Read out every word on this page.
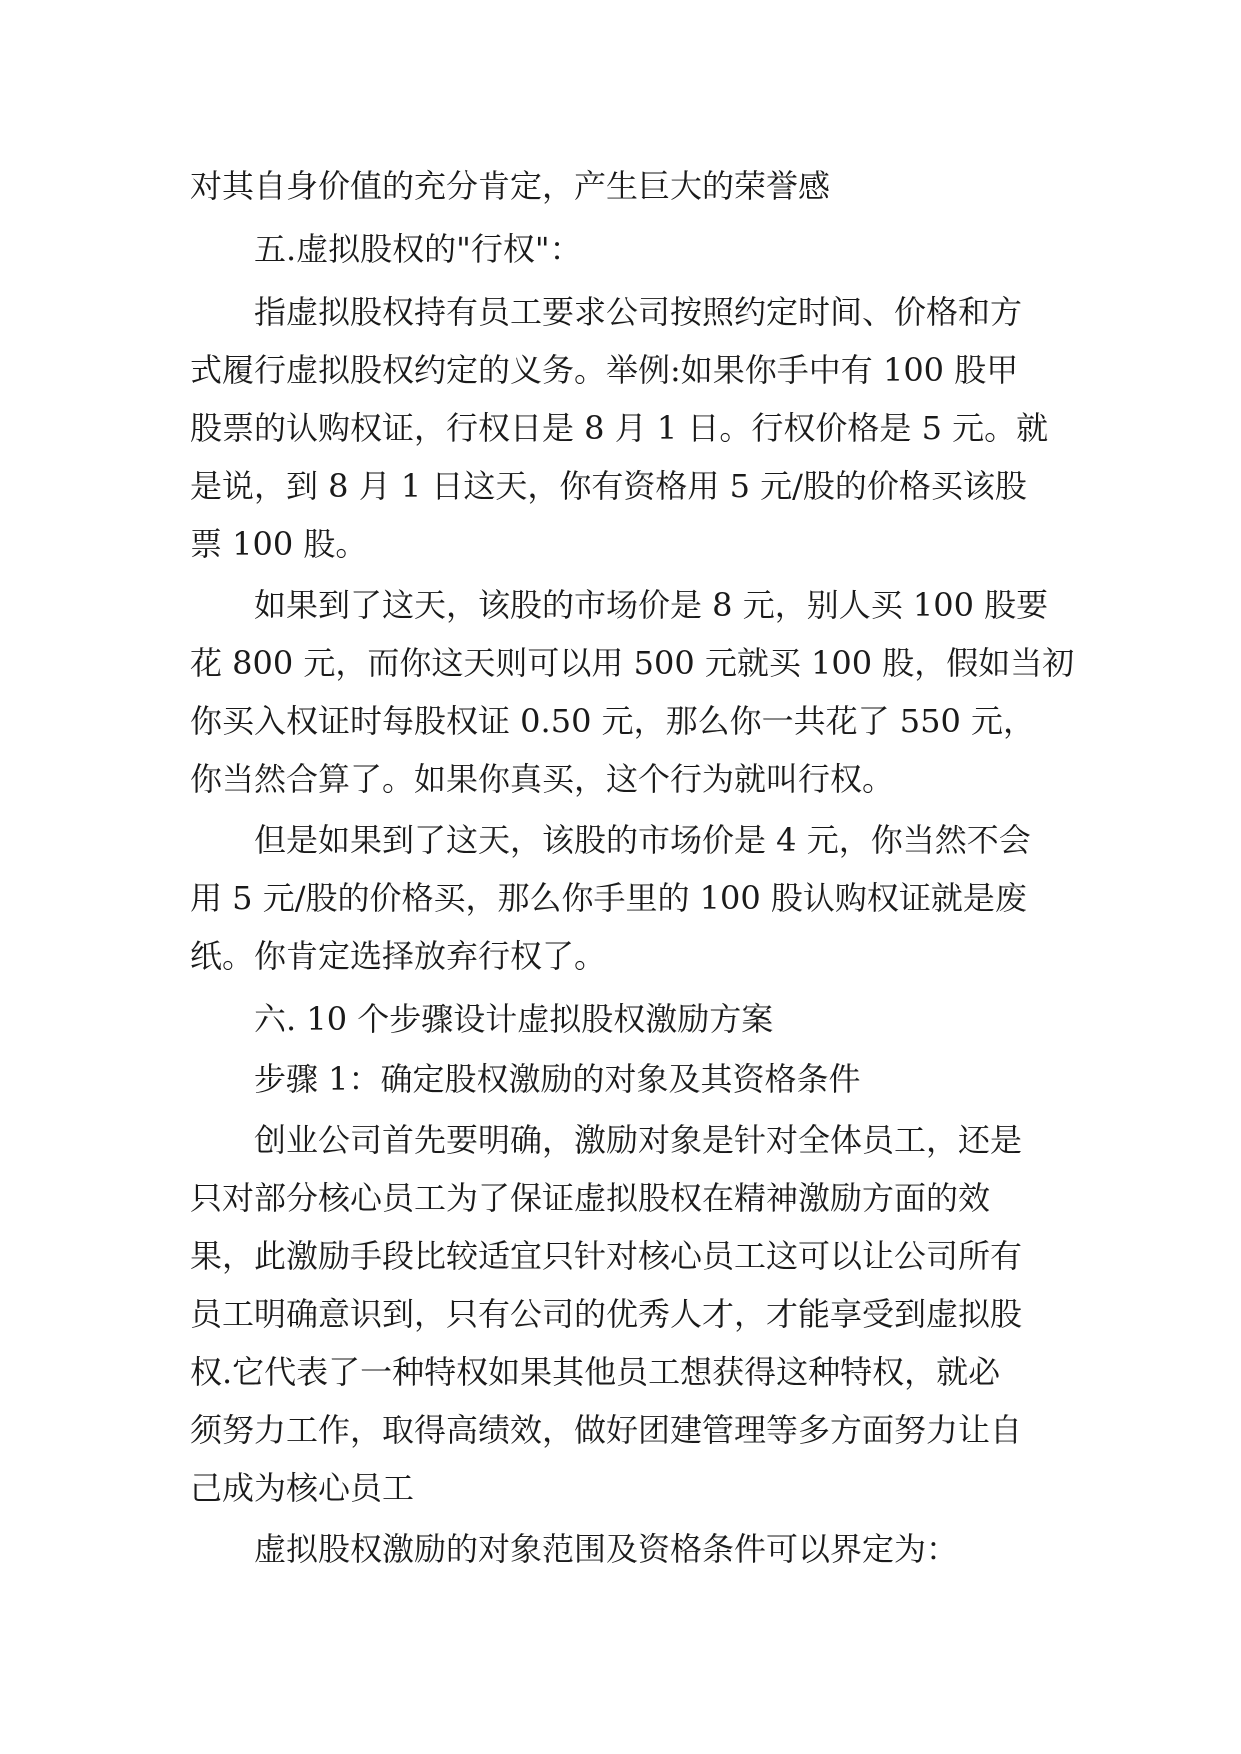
对其自身价值的充分肯定，产生巨大的荣誉感
五.虚拟股权的"行权"：
指虚拟股权持有员工要求公司按照约定时间、价格和方
式履行虚拟股权约定的义务。举例:如果你手中有 100 股甲
股票的认购权证，行权日是 8 月 1 日。行权价格是 5 元。就
是说，到 8 月 1 日这天，你有资格用 5 元/股的价格买该股
票 100 股。
如果到了这天，该股的市场价是 8 元，别人买 100 股要
花 800 元，而你这天则可以用 500 元就买 100 股，假如当初
你买入权证时每股权证 0.50 元，那么你一共花了 550 元，
你当然合算了。如果你真买，这个行为就叫行权。
但是如果到了这天，该股的市场价是 4 元，你当然不会
用 5 元/股的价格买，那么你手里的 100 股认购权证就是废
纸。你肯定选择放弃行权了。
六. 10 个步骤设计虚拟股权激励方案
步骤 1：确定股权激励的对象及其资格条件
创业公司首先要明确，激励对象是针对全体员工，还是
只对部分核心员工为了保证虚拟股权在精神激励方面的效
果，此激励手段比较适宜只针对核心员工这可以让公司所有
员工明确意识到，只有公司的优秀人才，才能享受到虚拟股
权.它代表了一种特权如果其他员工想获得这种特权，就必
须努力工作，取得高绩效，做好团建管理等多方面努力让自
己成为核心员工
虚拟股权激励的对象范围及资格条件可以界定为：
